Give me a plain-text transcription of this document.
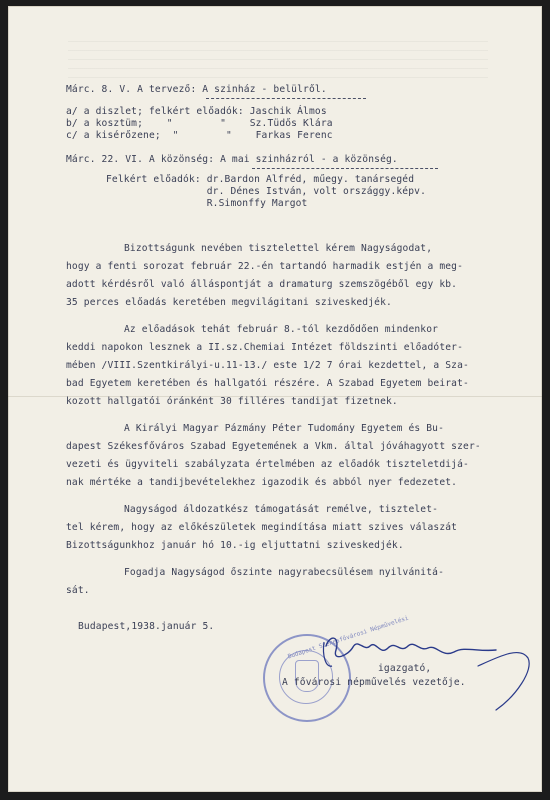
Márc. 8. V. A tervező: A szinház - belülről.
a/ a diszlet; felkért előadók: Jaschik Álmos
b/ a kosztüm;    "        "    Sz.Tüdős Klára
c/ a kisérőzene;  "        "    Farkas Ferenc
Márc. 22. VI. A közönség: A mai szinházról - a közönség.
Felkért előadók: dr.Bardon Alfréd, műegy. tanársegéd
dr. Dénes István, volt országgy.képv.
R.Simonffy Margot
Bizottságunk nevében tisztelettel kérem Nagyságodat,
hogy a fenti sorozat február 22.-én tartandó harmadik estjén a meg-
adott kérdésről való álláspontját a dramaturg szemszögéből egy kb.
35 perces előadás keretében megvilágitani sziveskedjék.
Az előadások tehát február 8.-tól kezdődően mindenkor
keddi napokon lesznek a II.sz.Chemiai Intézet földszinti előadóter-
mében /VIII.Szentkirályi-u.11-13./ este 1/2 7 órai kezdettel, a Sza-
bad Egyetem keretében és hallgatói részére. A Szabad Egyetem beirat-
kozott hallgatói óránként 30 filléres tandijat fizetnek.
A Királyi Magyar Pázmány Péter Tudomány Egyetem és Bu-
dapest Székesfőváros Szabad Egyetemének a Vkm. által jóváhagyott szer-
vezeti és ügyviteli szabályzata értelmében az előadók tiszteletdijá-
nak mértéke a tandijbevételekhez igazodik és abból nyer fedezetet.
Nagyságod áldozatkész támogatását remélve, tisztelet-
tel kérem, hogy az előkészületek megindítása miatt szives válaszát
Bizottságunkhoz január hó 10.-ig eljuttatni sziveskedjék.
Fogadja Nagyságod őszinte nagyrabecsülésem nyilvánitá-
sát.
Budapest,1938.január 5.	Budapest Székesfővárosi Népművelési
igazgató,
A fővárosi népművelés vezetője.
